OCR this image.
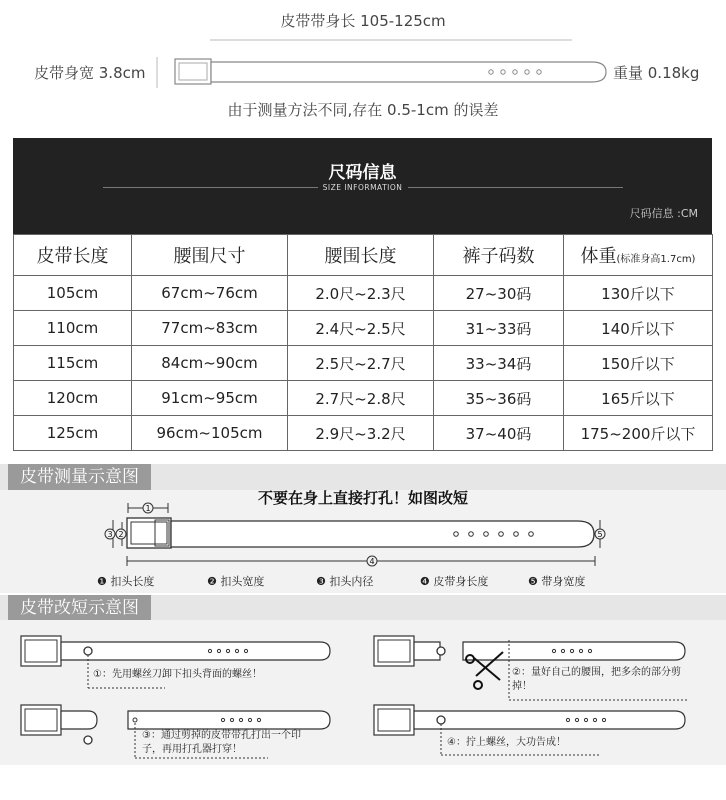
皮带带身长 105-125cm
皮带身宽 3.8cm	重量 0.18kg
由于测量方法不同,存在 0.5-1cm 的误差
尺码信息
SIZE INFORMATION
尺码信息 :CM
皮带长度	腰围尺寸	腰围长度	裤子码数	体重(标准身高1.7cm)
105cm	67cm~76cm	2.0尺~2.3尺	27~30码	130斤以下
110cm	77cm~83cm	2.4尺~2.5尺	31~33码	140斤以下
115cm	84cm~90cm	2.5尺~2.7尺	33~34码	150斤以下
120cm	91cm~95cm	2.7尺~2.8尺	35~36码	165斤以下
125cm	96cm~105cm	2.9尺~3.2尺	37~40码	175~200斤以下
皮带测量示意图
不要在身上直接打孔！如图改短
1
2
3
4
5
❶ 扣头长度	❷ 扣头宽度	❸ 扣头内径	❹ 皮带身长度	❺ 带身宽度
皮带改短示意图
①：先用螺丝刀卸下扣头背面的螺丝！	②：量好自己的腰围，把多余的部分剪掉！
③：通过剪掉的皮带带孔打出一个印子，再用打孔器打穿！
④：拧上螺丝，大功告成！
